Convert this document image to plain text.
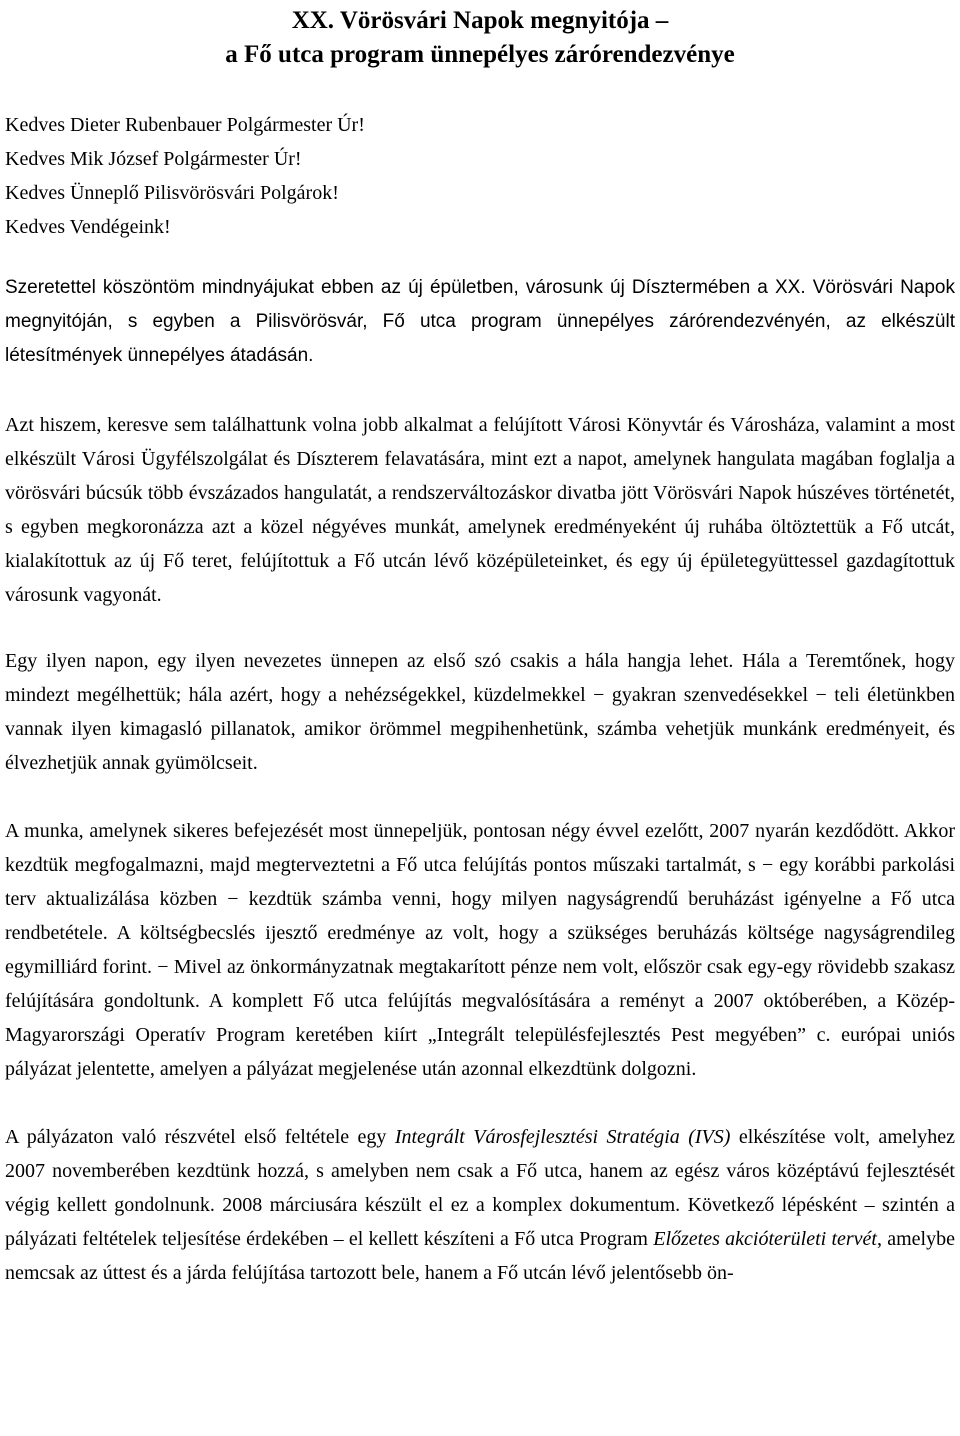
XX. Vörösvári Napok megnyitója –
a Fő utca program ünnepélyes zárórendezvénye
Kedves Dieter Rubenbauer Polgármester Úr!
Kedves Mik József Polgármester Úr!
Kedves Ünneplő Pilisvörösvári Polgárok!
Kedves Vendégeink!

Szeretettel köszöntöm mindnyájukat ebben az új épületben, városunk új Dísztermében a XX. Vörösvári Napok megnyitóján, s egyben a Pilisvörösvár, Fő utca program ünnepélyes zárórendezvényén, az elkészült létesítmények ünnepélyes átadásán.

Azt hiszem, keresve sem találhattunk volna jobb alkalmat a felújított Városi Könyvtár és Városháza, valamint a most elkészült Városi Ügyfélszolgálat és Díszterem felavatására, mint ezt a napot, amelynek hangulata magában foglalja a vörösvári búcsúk több évszázados hangulatát, a rendszerváltozáskor divatba jött Vörösvári Napok húszéves történetét, s egyben megkoronázza azt a közel négyéves munkát, amelynek eredményeként új ruhába öltöztettük a Fő utcát, kialakítottuk az új Fő teret, felújítottuk a Fő utcán lévő középületeinket, és egy új épületegyüttessel gazdagítottuk városunk vagyonát.

Egy ilyen napon, egy ilyen nevezetes ünnepen az első szó csakis a hála hangja lehet. Hála a Teremtőnek, hogy mindezt megélhettük; hála azért, hogy a nehézségekkel, küzdelmekkel − gyakran szenvedésekkel − teli életünkben vannak ilyen kimagasló pillanatok, amikor örömmel megpihenhetünk, számba vehetjük munkánk eredményeit, és élvezhetjük annak gyümölcseit.

A munka, amelynek sikeres befejezését most ünnepeljük, pontosan négy évvel ezelőtt, 2007 nyarán kezdődött. Akkor kezdtük megfogalmazni, majd megterveztetni a Fő utca felújítás pontos műszaki tartalmát, s − egy korábbi parkolási terv aktualizálása közben − kezdtük számba venni, hogy milyen nagyságrendű beruházást igényelne a Fő utca rendbetétele. A költségbecslés ijesztő eredménye az volt, hogy a szükséges beruházás költsége nagyságrendileg egymilliárd forint. − Mivel az önkormányzatnak megtakarított pénze nem volt, először csak egy-egy rövidebb szakasz felújítására gondoltunk. A komplett Fő utca felújítás megvalósítására a reményt a 2007 októberében, a Közép-Magyarországi Operatív Program keretében kiírt „Integrált településfejlesztés Pest megyében” c. európai uniós pályázat jelentette, amelyen a pályázat megjelenése után azonnal elkezdtünk dolgozni.

A pályázaton való részvétel első feltétele egy Integrált Városfejlesztési Stratégia (IVS) elkészítése volt, amelyhez 2007 novemberében kezdtünk hozzá, s amelyben nem csak a Fő utca, hanem az egész város középtávú fejlesztését végig kellett gondolnunk. 2008 márciusára készült el ez a komplex dokumentum. Következő lépésként – szintén a pályázati feltételek teljesítése érdekében – el kellett készíteni a Fő utca Program Előzetes akcióterületi tervét, amelybe nemcsak az úttest és a járda felújítása tartozott bele, hanem a Fő utcán lévő jelentősebb ön-
